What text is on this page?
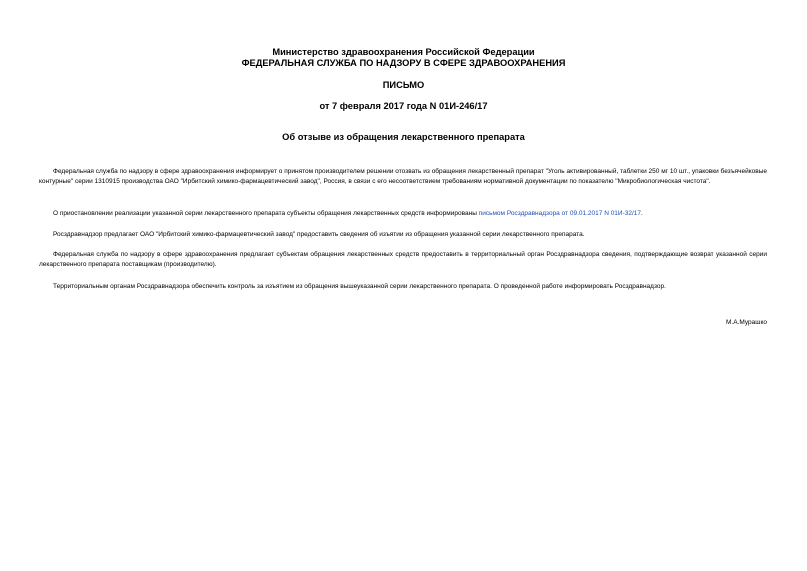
Министерство здравоохранения Российской Федерации
ФЕДЕРАЛЬНАЯ СЛУЖБА ПО НАДЗОРУ В СФЕРЕ ЗДРАВООХРАНЕНИЯ
ПИСЬМО
от 7 февраля 2017 года N 01И-246/17
Об отзыве из обращения лекарственного препарата

Федеральная служба по надзору в сфере здравоохранения информирует о принятом производителем решении отозвать из обращения лекарственный препарат "Уголь активированный, таблетки 250 мг 10 шт., упаковки безъячейковые контурные" серии 1310915 производства ОАО "Ирбитский химико-фармацевтический завод", Россия, в связи с его несоответствием требованиям нормативной документации по показателю "Микробиологическая чистота".

О приостановлении реализации указанной серии лекарственного препарата субъекты обращения лекарственных средств информированы письмом Росздравнадзора от 09.01.2017 N 01И-32/17.

Росздравнадзор предлагает ОАО "Ирбитский химико-фармацевтический завод" предоставить сведения об изъятии из обращения указанной серии лекарственного препарата.

Федеральная служба по надзору в сфере здравоохранения предлагает субъектам обращения лекарственных средств предоставить в территориальный орган Росздравнадзора сведения, подтверждающие возврат указанной серии лекарственного препарата поставщикам (производителю).

Территориальным органам Росздравнадзора обеспечить контроль за изъятием из обращения вышеуказанной серии лекарственного препарата. О проведенной работе информировать Росздравнадзор.

М.А.Мурашко
